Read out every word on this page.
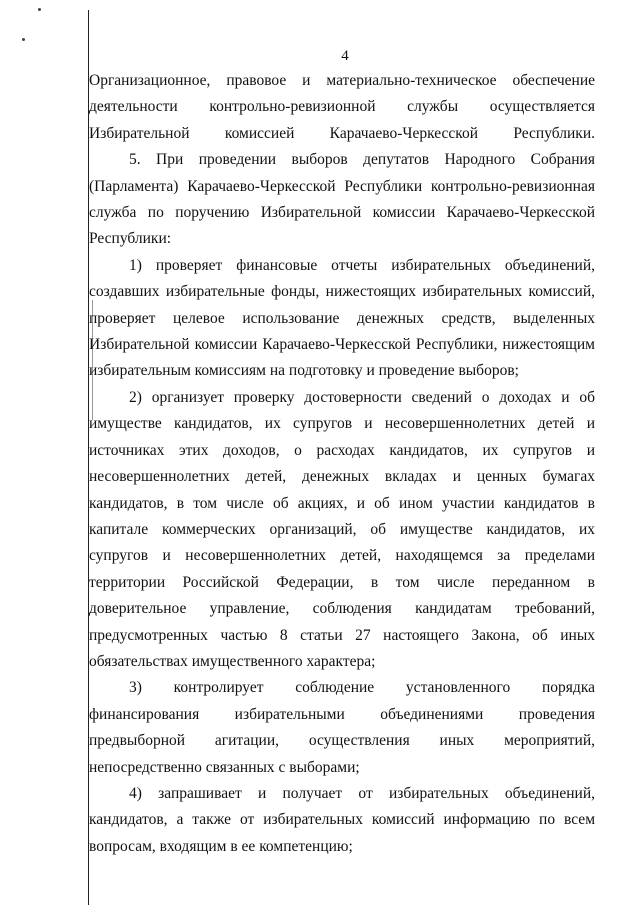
4

Организационное, правовое и материально-техническое обеспечение деятельности контрольно-ревизионной службы осуществляется Избирательной комиссией Карачаево-Черкесской Республики.

5. При проведении выборов депутатов Народного Собрания (Парламента) Карачаево-Черкесской Республики контрольно-ревизионная служба по поручению Избирательной комиссии Карачаево-Черкесской Республики:

1) проверяет финансовые отчеты избирательных объединений, создавших избирательные фонды, нижестоящих избирательных комиссий, проверяет целевое использование денежных средств, выделенных Избирательной комиссии Карачаево-Черкесской Республики, нижестоящим избирательным комиссиям на подготовку и проведение выборов;

2) организует проверку достоверности сведений о доходах и об имуществе кандидатов, их супругов и несовершеннолетних детей и источниках этих доходов, о расходах кандидатов, их супругов и несовершеннолетних детей, денежных вкладах и ценных бумагах кандидатов, в том числе об акциях, и об ином участии кандидатов в капитале коммерческих организаций, об имуществе кандидатов, их супругов и несовершеннолетних детей, находящемся за пределами территории Российской Федерации, в том числе переданном в доверительное управление, соблюдения кандидатам требований, предусмотренных частью 8 статьи 27 настоящего Закона, об иных обязательствах имущественного характера;

3) контролирует соблюдение установленного порядка финансирования избирательными объединениями проведения предвыборной агитации, осуществления иных мероприятий, непосредственно связанных с выборами;

4) запрашивает и получает от избирательных объединений, кандидатов, а также от избирательных комиссий информацию по всем вопросам, входящим в ее компетенцию;
